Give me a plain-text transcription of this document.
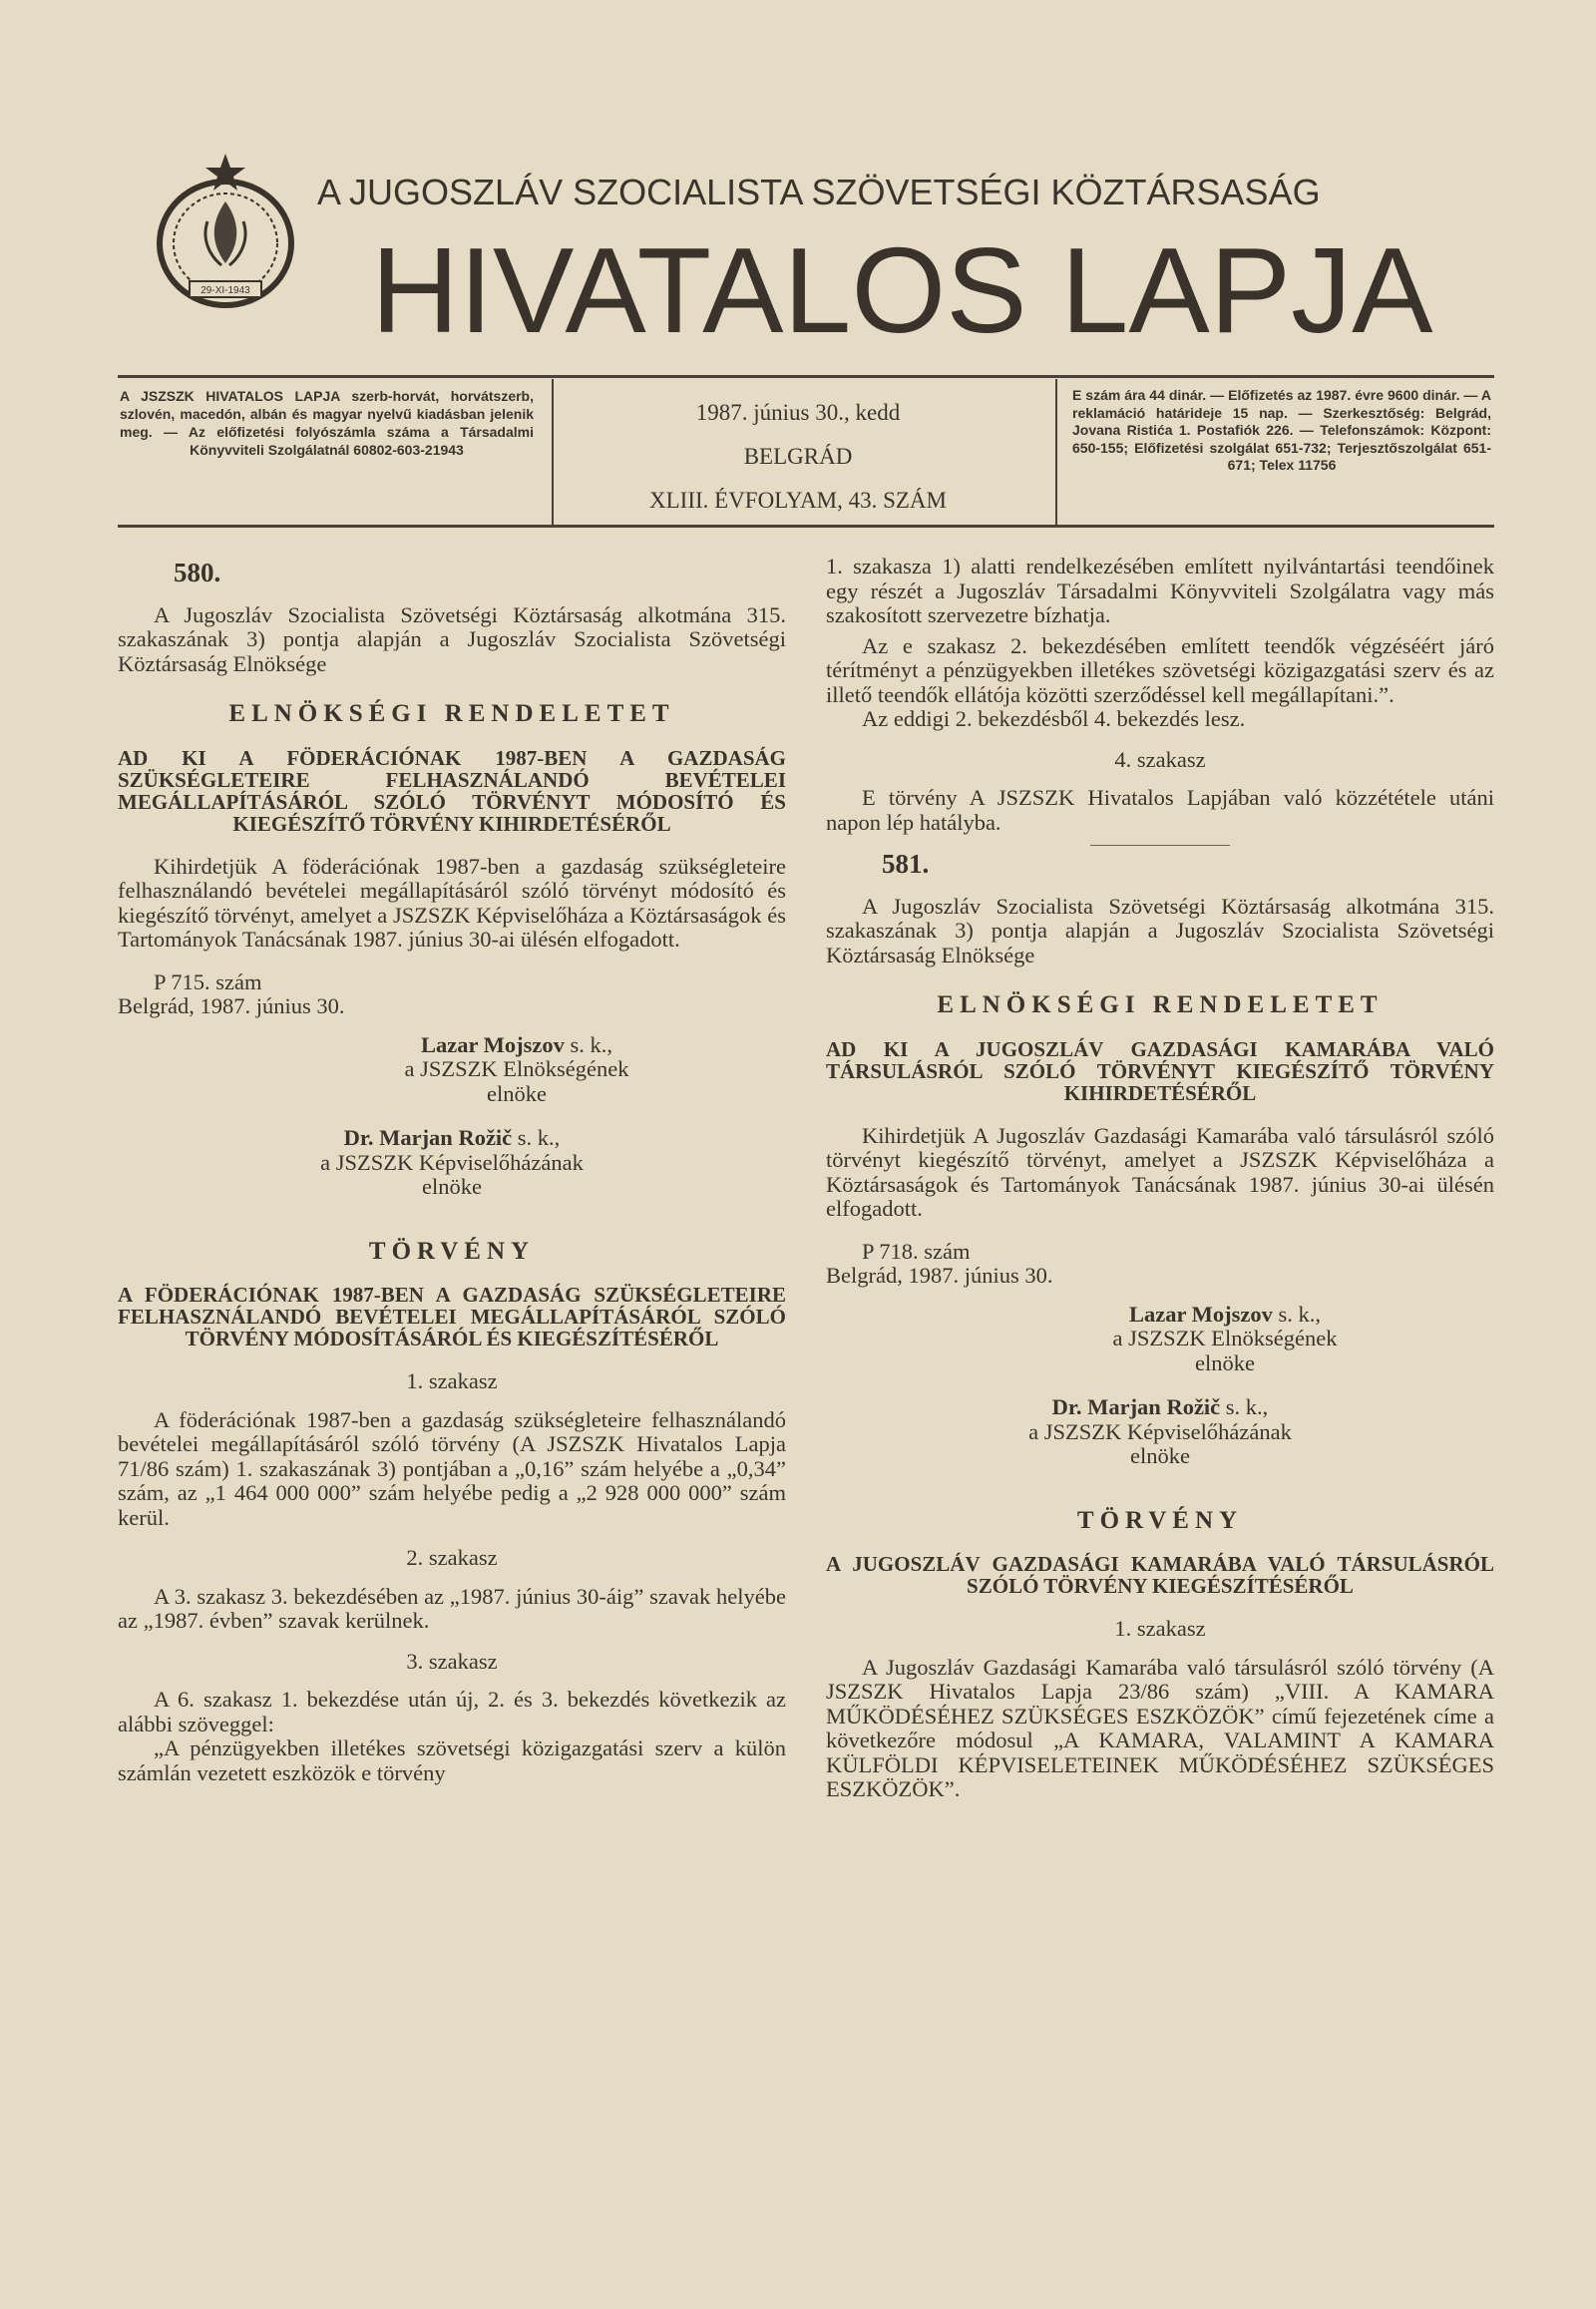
29-XI-1943
A JUGOSZLÁV SZOCIALISTA SZÖVETSÉGI KÖZTÁRSASÁG
HIVATALOS LAPJA
A JSZSZK HIVATALOS LAPJA szerb-horvát, horvátszerb, szlovén, macedón, albán és magyar nyelvű kiadásban jelenik meg. — Az előfizetési folyószámla száma a Társadalmi Könyvviteli Szolgálatnál 60802-603-21943
1987. június 30., kedd
BELGRÁD
XLIII. ÉVFOLYAM, 43. SZÁM
E szám ára 44 dinár. — Előfizetés az 1987. évre 9600 dinár. — A reklamáció határideje 15 nap. — Szerkesztőség: Belgrád, Jovana Ristića 1. Postafiók 226. — Telefonszámok: Központ: 650-155; Előfizetési szolgálat 651-732; Terjesztőszolgálat 651-671; Telex 11756
580.

A Jugoszláv Szocialista Szövetségi Köztársaság alkotmána 315. szakaszának 3) pontja alapján a Jugoszláv Szocialista Szövetségi Köztársaság Elnöksége

ELNÖKSÉGI RENDELETET
AD KI A FÖDERÁCIÓNAK 1987-BEN A GAZDASÁG SZÜKSÉGLETEIRE FELHASZNÁLANDÓ BEVÉTELEI MEGÁLLAPÍTÁSÁRÓL SZÓLÓ TÖRVÉNYT MÓDOSÍTÓ ÉS KIEGÉSZÍTŐ TÖRVÉNY KIHIRDETÉSÉRŐL

Kihirdetjük A föderációnak 1987-ben a gazdaság szükségleteire felhasználandó bevételei megállapításáról szóló törvényt módosító és kiegészítő törvényt, amelyet a JSZSZK Képviselőháza a Köztársaságok és Tartományok Tanácsának 1987. június 30-ai ülésén elfogadott.

P 715. szám
Belgrád, 1987. június 30.
Lazar Mojszov s. k.,
a JSZSZK Elnökségének
elnöke
Dr. Marjan Rožič s. k.,
a JSZSZK Képviselőházának
elnöke
TÖRVÉNY
A FÖDERÁCIÓNAK 1987-BEN A GAZDASÁG SZÜKSÉGLETEIRE FELHASZNÁLANDÓ BEVÉTELEI MEGÁLLAPÍTÁSÁRÓL SZÓLÓ TÖRVÉNY MÓDOSÍTÁSÁRÓL ÉS KIEGÉSZÍTÉSÉRŐL
1. szakasz

A föderációnak 1987-ben a gazdaság szükségleteire felhasználandó bevételei megállapításáról szóló törvény (A JSZSZK Hivatalos Lapja 71/86 szám) 1. szakaszának 3) pontjában a „0,16” szám helyébe a „0,34” szám, az „1 464 000 000” szám helyébe pedig a „2 928 000 000” szám kerül.

2. szakasz

A 3. szakasz 3. bekezdésében az „1987. június 30-áig” szavak helyébe az „1987. évben” szavak kerülnek.

3. szakasz

A 6. szakasz 1. bekezdése után új, 2. és 3. bekezdés következik az alábbi szöveggel:

„A pénzügyekben illetékes szövetségi közigazgatási szerv a külön számlán vezetett eszközök e törvény

1. szakasza 1) alatti rendelkezésében említett nyilvántartási teendőinek egy részét a Jugoszláv Társadalmi Könyvviteli Szolgálatra vagy más szakosított szervezetre bízhatja.

Az e szakasz 2. bekezdésében említett teendők végzéséért járó térítményt a pénzügyekben illetékes szövetségi közigazgatási szerv és az illető teendők ellátója közötti szerződéssel kell megállapítani.”.

Az eddigi 2. bekezdésből 4. bekezdés lesz.

4. szakasz

E törvény A JSZSZK Hivatalos Lapjában való közzététele utáni napon lép hatályba.

581.

A Jugoszláv Szocialista Szövetségi Köztársaság alkotmána 315. szakaszának 3) pontja alapján a Jugoszláv Szocialista Szövetségi Köztársaság Elnöksége

ELNÖKSÉGI RENDELETET
AD KI A JUGOSZLÁV GAZDASÁGI KAMARÁBA VALÓ TÁRSULÁSRÓL SZÓLÓ TÖRVÉNYT KIEGÉSZÍTŐ TÖRVÉNY KIHIRDETÉSÉRŐL

Kihirdetjük A Jugoszláv Gazdasági Kamarába való társulásról szóló törvényt kiegészítő törvényt, amelyet a JSZSZK Képviselőháza a Köztársaságok és Tartományok Tanácsának 1987. június 30-ai ülésén elfogadott.

P 718. szám
Belgrád, 1987. június 30.
Lazar Mojszov s. k.,
a JSZSZK Elnökségének
elnöke
Dr. Marjan Rožič s. k.,
a JSZSZK Képviselőházának
elnöke
TÖRVÉNY
A JUGOSZLÁV GAZDASÁGI KAMARÁBA VALÓ TÁRSULÁSRÓL SZÓLÓ TÖRVÉNY KIEGÉSZÍTÉSÉRŐL
1. szakasz

A Jugoszláv Gazdasági Kamarába való társulásról szóló törvény (A JSZSZK Hivatalos Lapja 23/86 szám) „VIII. A KAMARA MŰKÖDÉSÉHEZ SZÜKSÉGES ESZKÖZÖK” című fejezetének címe a következőre módosul „A KAMARA, VALAMINT A KAMARA KÜLFÖLDI KÉPVISELETEINEK MŰKÖDÉSÉHEZ SZÜKSÉGES ESZKÖZÖK”.
